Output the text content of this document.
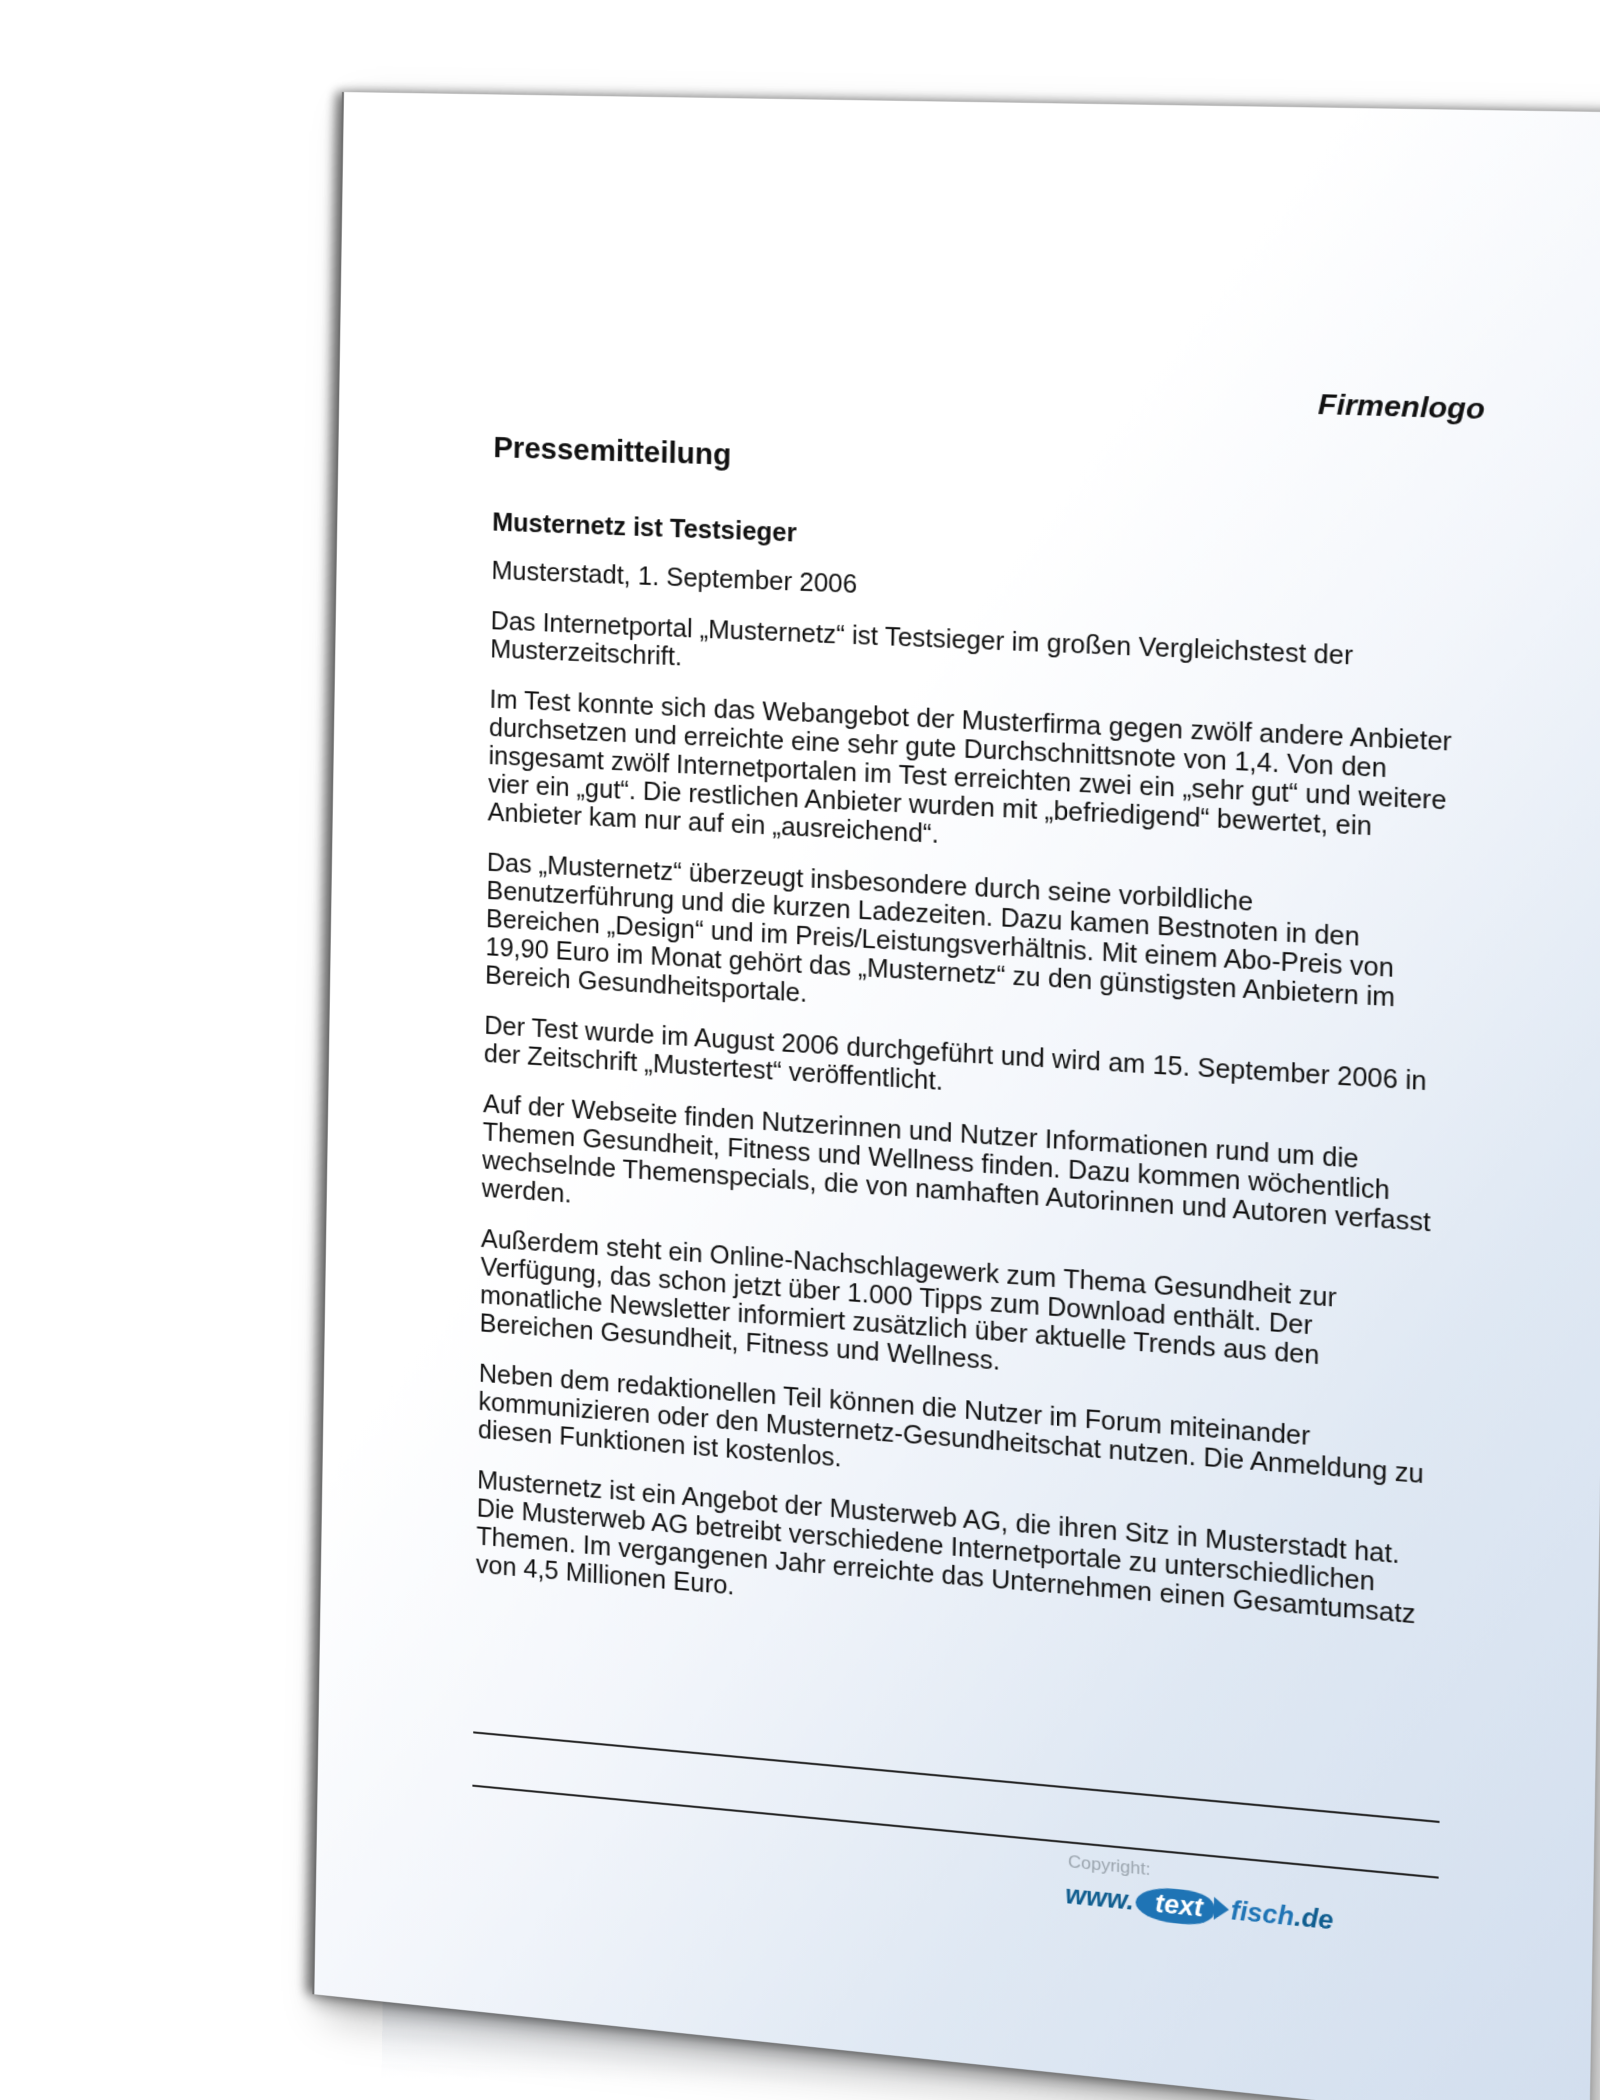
Firmenlogo
Pressemitteilung
Musternetz ist Testsieger
Musterstadt, 1. September 2006

Das Internetportal „Musternetz“ ist Testsieger im großen Vergleichstest der Musterzeitschrift.

Im Test konnte sich das Webangebot der Musterfirma gegen zwölf andere Anbieter durchsetzen und erreichte eine sehr gute Durchschnittsnote von 1,4. Von den insgesamt zwölf Internetportalen im Test erreichten zwei ein „sehr gut“ und weitere vier ein „gut“. Die restlichen Anbieter wurden mit „befriedigend“ bewertet, ein Anbieter kam nur auf ein „ausreichend“.

Das „Musternetz“ überzeugt insbesondere durch seine vorbildliche Benutzerführung und die kurzen Ladezeiten. Dazu kamen Bestnoten in den Bereichen „Design“ und im Preis/Leistungsverhältnis. Mit einem Abo-Preis von 19,90 Euro im Monat gehört das „Musternetz“ zu den günstigsten Anbietern im Bereich Gesundheitsportale.

Der Test wurde im August 2006 durchgeführt und wird am 15. September 2006 in der Zeitschrift „Mustertest“ veröffentlicht.

Auf der Webseite finden Nutzerinnen und Nutzer Informationen rund um die Themen Gesundheit, Fitness und Wellness finden. Dazu kommen wöchentlich wechselnde Themenspecials, die von namhaften Autorinnen und Autoren verfasst werden.

Außerdem steht ein Online-Nachschlagewerk zum Thema Gesundheit zur Verfügung, das schon jetzt über 1.000 Tipps zum Download enthält. Der monatliche Newsletter informiert zusätzlich über aktuelle Trends aus den Bereichen Gesundheit, Fitness und Wellness.

Neben dem redaktionellen Teil können die Nutzer im Forum miteinander kommunizieren oder den Musternetz-Gesundheitschat nutzen. Die Anmeldung zu diesen Funktionen ist kostenlos.

Musternetz ist ein Angebot der Musterweb AG, die ihren Sitz in Musterstadt hat. Die Musterweb AG betreibt verschiedene Internetportale zu unterschiedlichen Themen. Im vergangenen Jahr erreichte das Unternehmen einen Gesamtumsatz von 4,5 Millionen Euro.

Copyright:
www. text	fisch .de
